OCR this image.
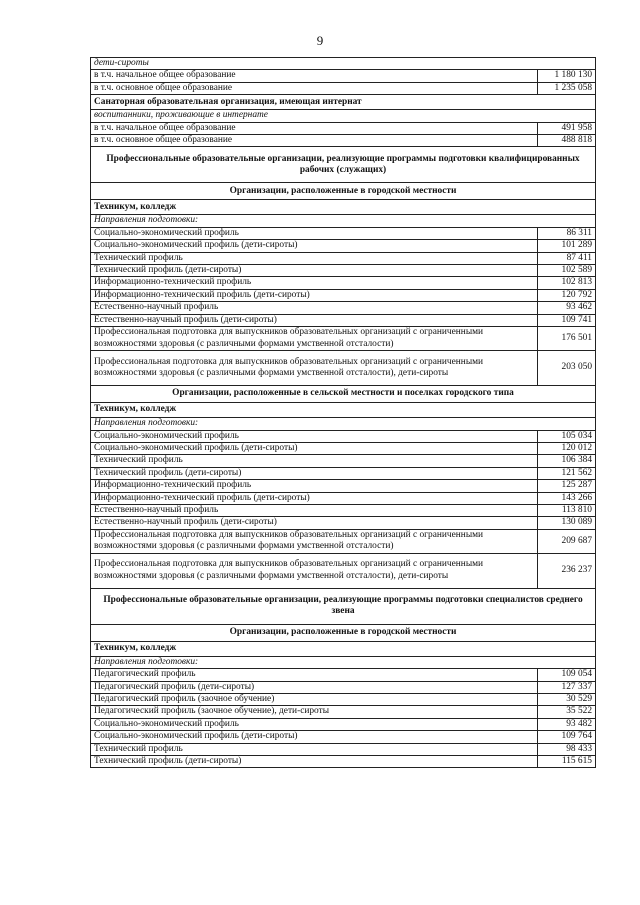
9
дети-сироты	
в т.ч. начальное общее образование	1 180 130
в т.ч. основное общее образование	1 235 058
Санаторная образовательная организация, имеющая интернат	
воспитанники, проживающие в интернате	
в т.ч. начальное общее образование	491 958
в т.ч. основное общее образование	488 818
Профессиональные образовательные организации, реализующие программы подготовки квалифицированных рабочих (служащих)	
Организации, расположенные в городской местности	
Техникум, колледж	
Направления подготовки:	
Социально-экономический профиль	86 311
Социально-экономический профиль (дети-сироты)	101 289
Технический профиль	87 411
Технический профиль (дети-сироты)	102 589
Информационно-технический профиль	102 813
Информационно-технический профиль (дети-сироты)	120 792
Естественно-научный профиль	93 462
Естественно-научный профиль (дети-сироты)	109 741
Профессиональная подготовка для выпускников образовательных организаций с ограниченными возможностями здоровья (с различными формами умственной отсталости)	176 501
Профессиональная подготовка для выпускников образовательных организаций с ограниченными возможностями здоровья (с различными формами умственной отсталости), дети-сироты	203 050
Организации, расположенные в сельской местности и поселках городского типа	
Техникум, колледж	
Направления подготовки:	
Социально-экономический профиль	105 034
Социально-экономический профиль (дети-сироты)	120 012
Технический профиль	106 384
Технический профиль (дети-сироты)	121 562
Информационно-технический профиль	125 287
Информационно-технический профиль (дети-сироты)	143 266
Естественно-научный профиль	113 810
Естественно-научный профиль (дети-сироты)	130 089
Профессиональная подготовка для выпускников образовательных организаций с ограниченными возможностями здоровья (с различными формами умственной отсталости)	209 687
Профессиональная подготовка для выпускников образовательных организаций с ограниченными возможностями здоровья (с различными формами умственной отсталости), дети-сироты	236 237
Профессиональные образовательные организации, реализующие программы подготовки специалистов среднего звена	
Организации, расположенные в городской местности	
Техникум, колледж	
Направления подготовки:	
Педагогический профиль	109 054
Педагогический профиль (дети-сироты)	127 337
Педагогический профиль (заочное обучение)	30 529
Педагогический профиль (заочное обучение), дети-сироты	35 522
Социально-экономический профиль	93 482
Социально-экономический профиль (дети-сироты)	109 764
Технический профиль	98 433
Технический профиль (дети-сироты)	115 615
